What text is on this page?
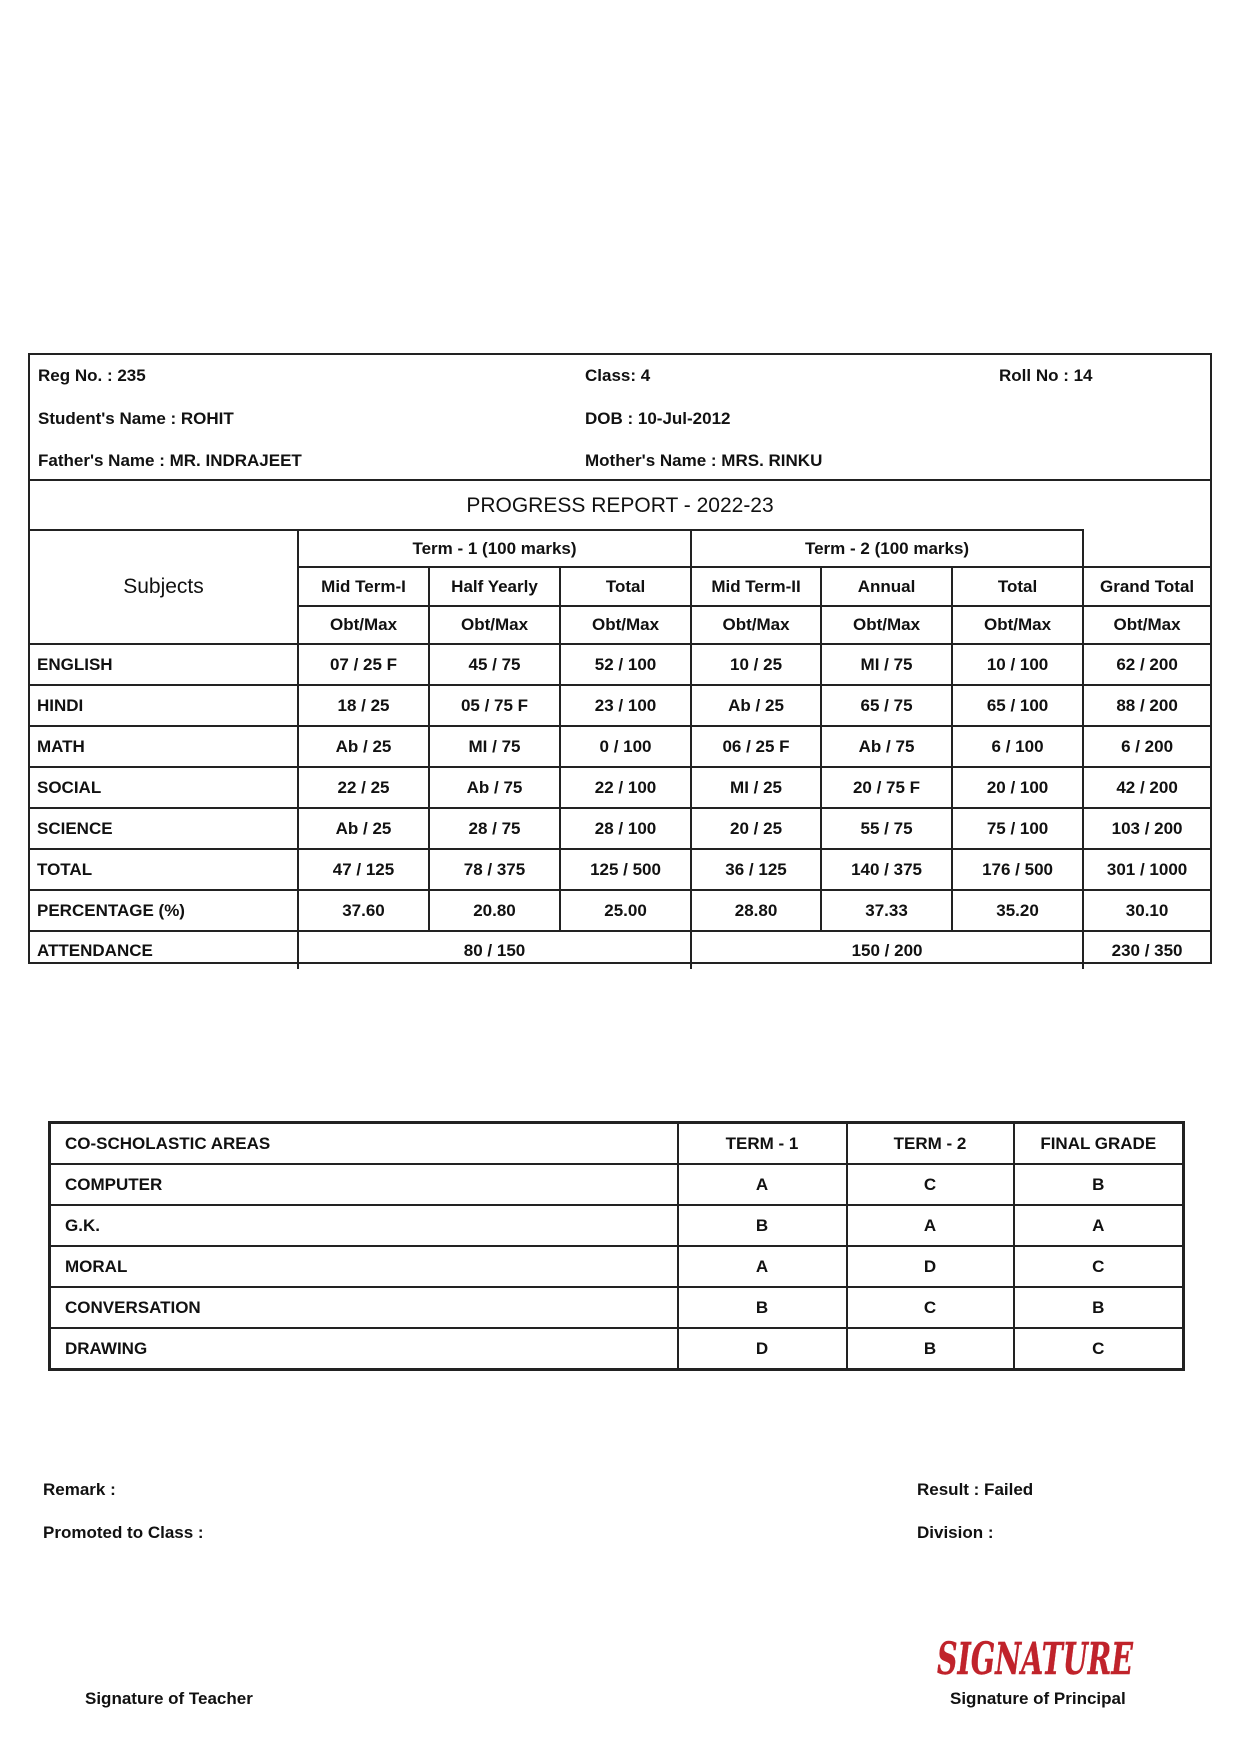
Reg No. : 235	Class: 4	Roll No : 14
Student's Name : ROHIT	DOB : 10-Jul-2012
Father's Name : MR. INDRAJEET	Mother's Name : MRS. RINKU
PROGRESS REPORT - 2022-23
Subjects	Term - 1 (100 marks)			Term - 2 (100 marks)			
	Mid Term-I	Half Yearly	Total	Mid Term-II	Annual	Total	Grand Total
	Obt/Max	Obt/Max	Obt/Max	Obt/Max	Obt/Max	Obt/Max	Obt/Max
ENGLISH	07 / 25 F	45 / 75	52 / 100	10 / 25	MI / 75	10 / 100	62 / 200
HINDI	18 / 25	05 / 75 F	23 / 100	Ab / 25	65 / 75	65 / 100	88 / 200
MATH	Ab / 25	MI / 75	0 / 100	06 / 25 F	Ab / 75	6 / 100	6 / 200
SOCIAL	22 / 25	Ab / 75	22 / 100	MI / 25	20 / 75 F	20 / 100	42 / 200
SCIENCE	Ab / 25	28 / 75	28 / 100	20 / 25	55 / 75	75 / 100	103 / 200
TOTAL	47 / 125	78 / 375	125 / 500	36 / 125	140 / 375	176 / 500	301 / 1000
PERCENTAGE (%)	37.60	20.80	25.00	28.80	37.33	35.20	30.10
ATTENDANCE	80 / 150			150 / 200			230 / 350
CO-SCHOLASTIC AREAS	TERM - 1	TERM - 2	FINAL GRADE
COMPUTER	A	C	B
G.K.	B	A	A
MORAL	A	D	C
CONVERSATION	B	C	B
DRAWING	D	B	C
Remark :
Promoted to Class :
Result : Failed
Division :
SIGNATURE
Signature of Teacher	Signature of Principal
